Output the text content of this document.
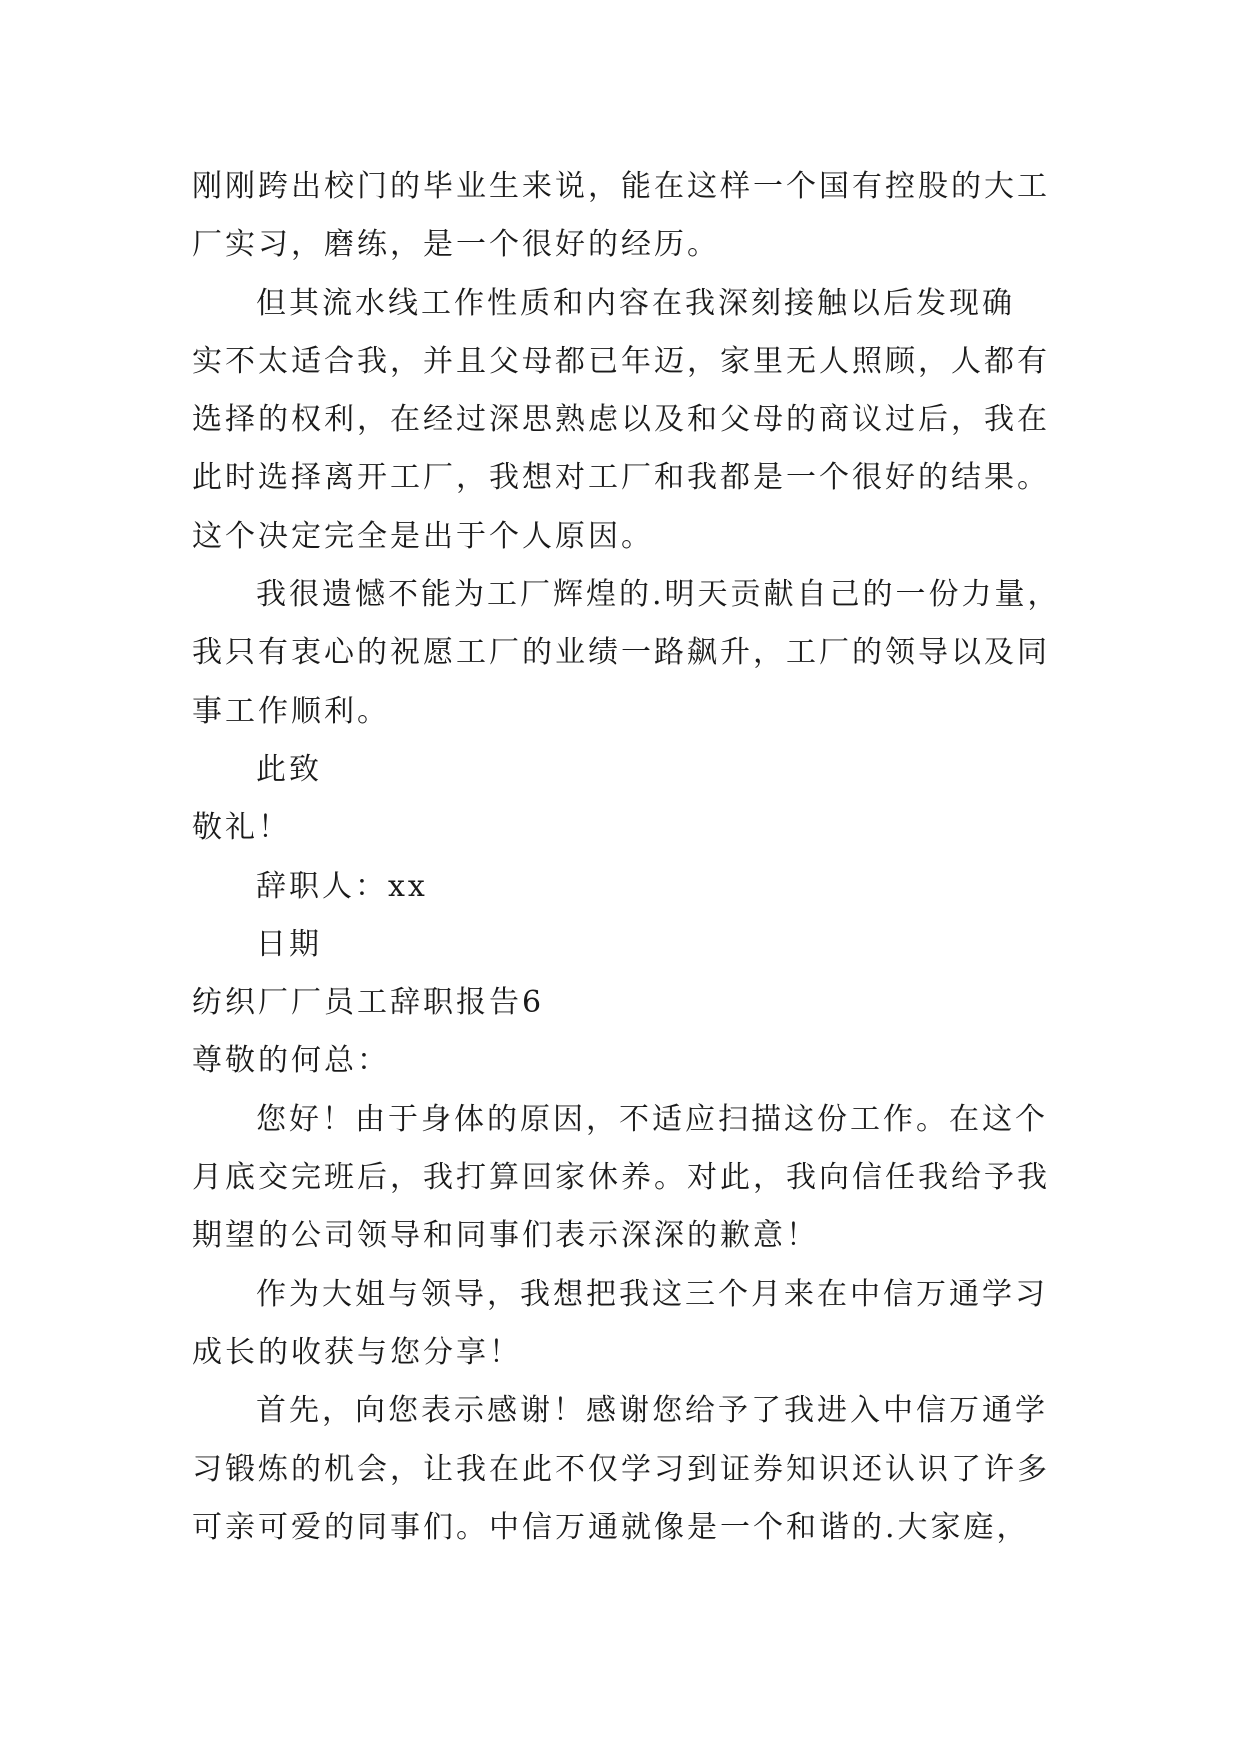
刚刚跨出校门的毕业生来说，能在这样一个国有控股的大工
厂实习，磨练，是一个很好的经历。
但其流水线工作性质和内容在我深刻接触以后发现确
实不太适合我，并且父母都已年迈，家里无人照顾，人都有
选择的权利，在经过深思熟虑以及和父母的商议过后，我在
此时选择离开工厂，我想对工厂和我都是一个很好的结果。
这个决定完全是出于个人原因。
我很遗憾不能为工厂辉煌的.明天贡献自己的一份力量，
我只有衷心的祝愿工厂的业绩一路飙升，工厂的领导以及同
事工作顺利。
此致
敬礼！
辞职人：xx
日期
纺织厂厂员工辞职报告6
尊敬的何总：
您好！由于身体的原因，不适应扫描这份工作。在这个
月底交完班后，我打算回家休养。对此，我向信任我给予我
期望的公司领导和同事们表示深深的歉意！
作为大姐与领导，我想把我这三个月来在中信万通学习
成长的收获与您分享！
首先，向您表示感谢！感谢您给予了我进入中信万通学
习锻炼的机会，让我在此不仅学习到证券知识还认识了许多
可亲可爱的同事们。中信万通就像是一个和谐的.大家庭，
